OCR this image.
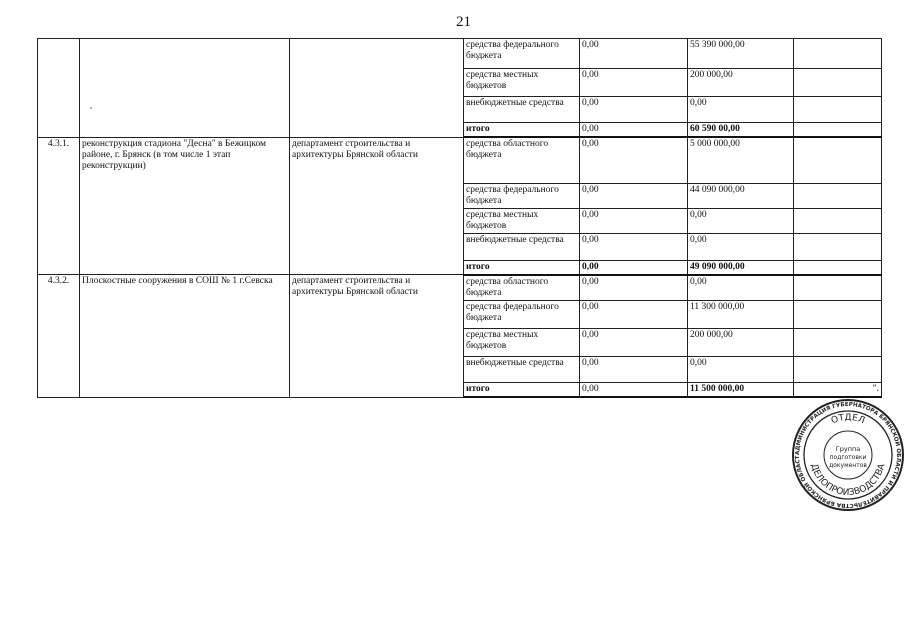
21
			средства федерального бюджета	0,00	55 390 000,00	
			средства местных бюджетов	0,00	200 000,00	
			внебюджетные средства	0,00	0,00	
			итого	0,00	60 590 00,00	
4.3.1.	реконструкция стадиона "Десна" в Бежицком районе, г. Брянск (в том числе 1 этап реконструкции)	департамент строительства и архитектуры Брянской области	средства областного бюджета	0,00	5 000 000,00	
			средства федерального бюджета	0,00	44 090 000,00	
			средства местных бюджетов	0,00	0,00	
			внебюджетные средства	0,00	0,00	
			итого	0,00	49 090 000,00	
4.3.2.	Плоскостные сооружения в СОШ № 1 г.Севска	департамент строительства и архитектуры Брянской области	средства областного бюджета	0,00	0,00	
			средства федерального бюджета	0,00	11 300 000,00	
			средства местных бюджетов	0,00	200 000,00	
			внебюджетные средства	0,00	0,00	
			итого	0,00	11 500 000,00	".
АДМИНИСТРАЦИЯ ГУБЕРНАТОРА БРЯНСКОЙ ОБЛАСТИ И ПРАВИТЕЛЬСТВА БРЯНСКОЙ ОБЛАСТ
ОТДЕЛ
ДЕЛОПРОИЗВОДСТВА
Группа
подготовки
документов
